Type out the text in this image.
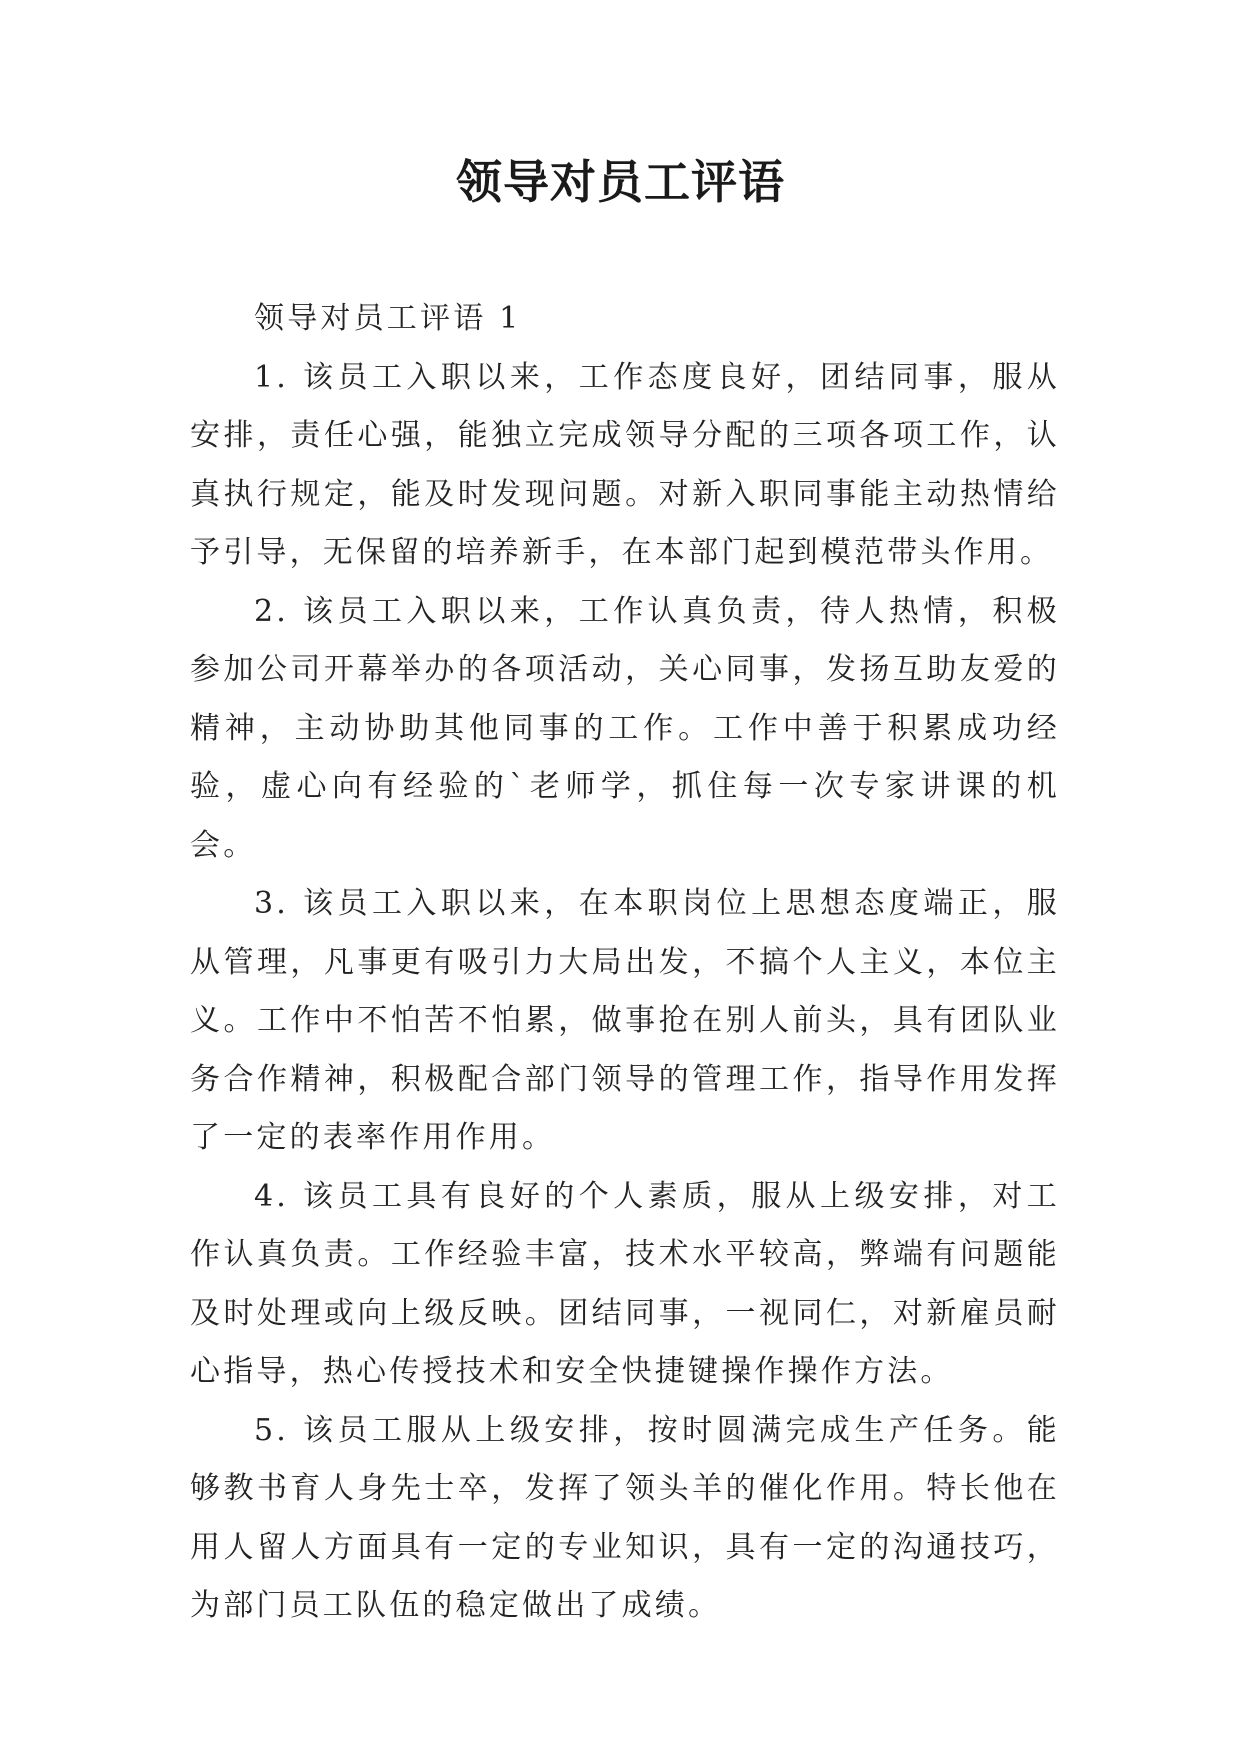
领导对员工评语

领导对员工评语 1

1. 该员工入职以来，工作态度良好，团结同事，服从安排，责任心强，能独立完成领导分配的三项各项工作，认真执行规定，能及时发现问题。对新入职同事能主动热情给予引导，无保留的培养新手，在本部门起到模范带头作用。

2. 该员工入职以来，工作认真负责，待人热情，积极参加公司开幕举办的各项活动，关心同事，发扬互助友爱的精神，主动协助其他同事的工作。工作中善于积累成功经验，虚心向有经验的`老师学，抓住每一次专家讲课的机会。

3. 该员工入职以来，在本职岗位上思想态度端正，服从管理，凡事更有吸引力大局出发，不搞个人主义，本位主义。工作中不怕苦不怕累，做事抢在别人前头，具有团队业务合作精神，积极配合部门领导的管理工作，指导作用发挥了一定的表率作用作用。

4. 该员工具有良好的个人素质，服从上级安排，对工作认真负责。工作经验丰富，技术水平较高，弊端有问题能及时处理或向上级反映。团结同事，一视同仁，对新雇员耐心指导，热心传授技术和安全快捷键操作操作方法。

5. 该员工服从上级安排，按时圆满完成生产任务。能够教书育人身先士卒，发挥了领头羊的催化作用。特长他在用人留人方面具有一定的专业知识，具有一定的沟通技巧，为部门员工队伍的稳定做出了成绩。
